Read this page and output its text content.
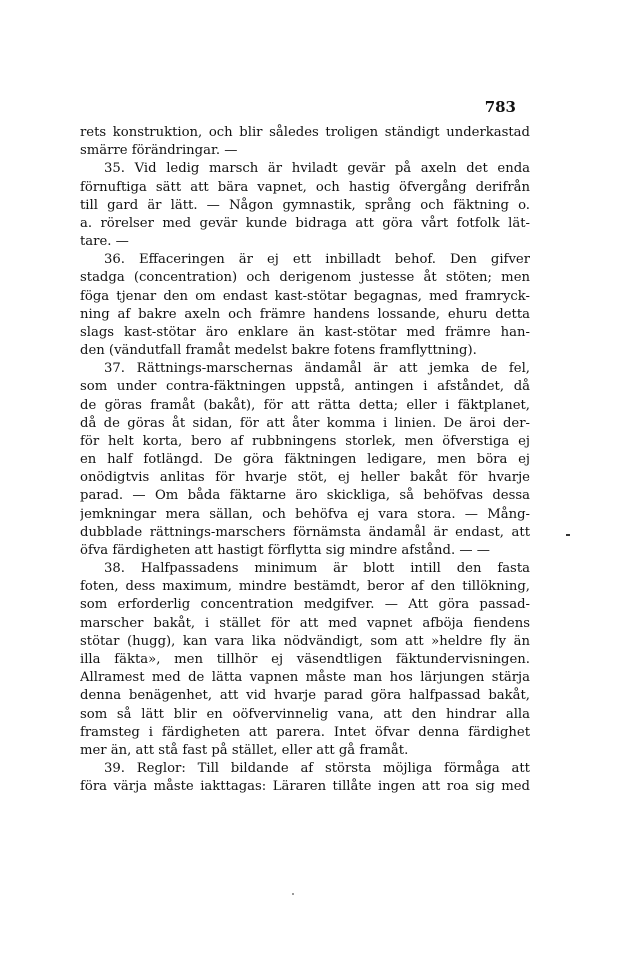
783
rets konstruktion, och blir således troligen ständigt underkastad
smärre förändringar. —
35. Vid ledig marsch är hviladt gevär på axeln det enda
förnuftiga sätt att bära vapnet, och hastig öfvergång derifrån
till gard är lätt. — Någon gymnastik, språng och fäktning o.
a. rörelser med gevär kunde bidraga att göra vårt fotfolk lät-
tare. —
36. Effaceringen är ej ett inbilladt behof. Den gifver
stadga (concentration) och derigenom justesse åt stöten; men
föga tjenar den om endast kast-stötar begagnas, med framryck-
ning af bakre axeln och främre handens lossande, ehuru detta
slags kast-stötar äro enklare än kast-stötar med främre han-
den (vändutfall framåt medelst bakre fotens framflyttning).
37. Rättnings-marschernas ändamål är att jemka de fel,
som under contra-fäktningen uppstå, antingen i afståndet, då
de göras framåt (bakåt), för att rätta detta; eller i fäktplanet,
då de göras åt sidan, för att åter komma i linien. De äroi der-
för helt korta, bero af rubbningens storlek, men öfverstiga ej
en half fotlängd. De göra fäktningen ledigare, men böra ej
onödigtvis anlitas för hvarje stöt, ej heller bakåt för hvarje
parad. — Om båda fäktarne äro skickliga, så behöfvas dessa
jemkningar mera sällan, och behöfva ej vara stora. — Mång-
dubblade rättnings-marschers förnämsta ändamål är endast, att
öfva färdigheten att hastigt förflytta sig mindre afstånd. — —
38. Halfpassadens minimum är blott intill den fasta
foten, dess maximum, mindre bestämdt, beror af den tillökning,
som erforderlig concentration medgifver. — Att göra passad-
marscher bakåt, i stället för att med vapnet afböja fiendens
stötar (hugg), kan vara lika nödvändigt, som att »heldre fly än
illa fäkta», men tillhör ej väsendtligen fäktundervisningen.
Allramest med de lätta vapnen måste man hos lärjungen stärja
denna benägenhet, att vid hvarje parad göra halfpassad bakåt,
som så lätt blir en oöfvervinnelig vana, att den hindrar alla
framsteg i färdigheten att parera. Intet öfvar denna färdighet
mer än, att stå fast på stället, eller att gå framåt.
39. Reglor: Till bildande af största möjliga förmåga att
föra värja måste iakttagas: Läraren tillåte ingen att roa sig med
